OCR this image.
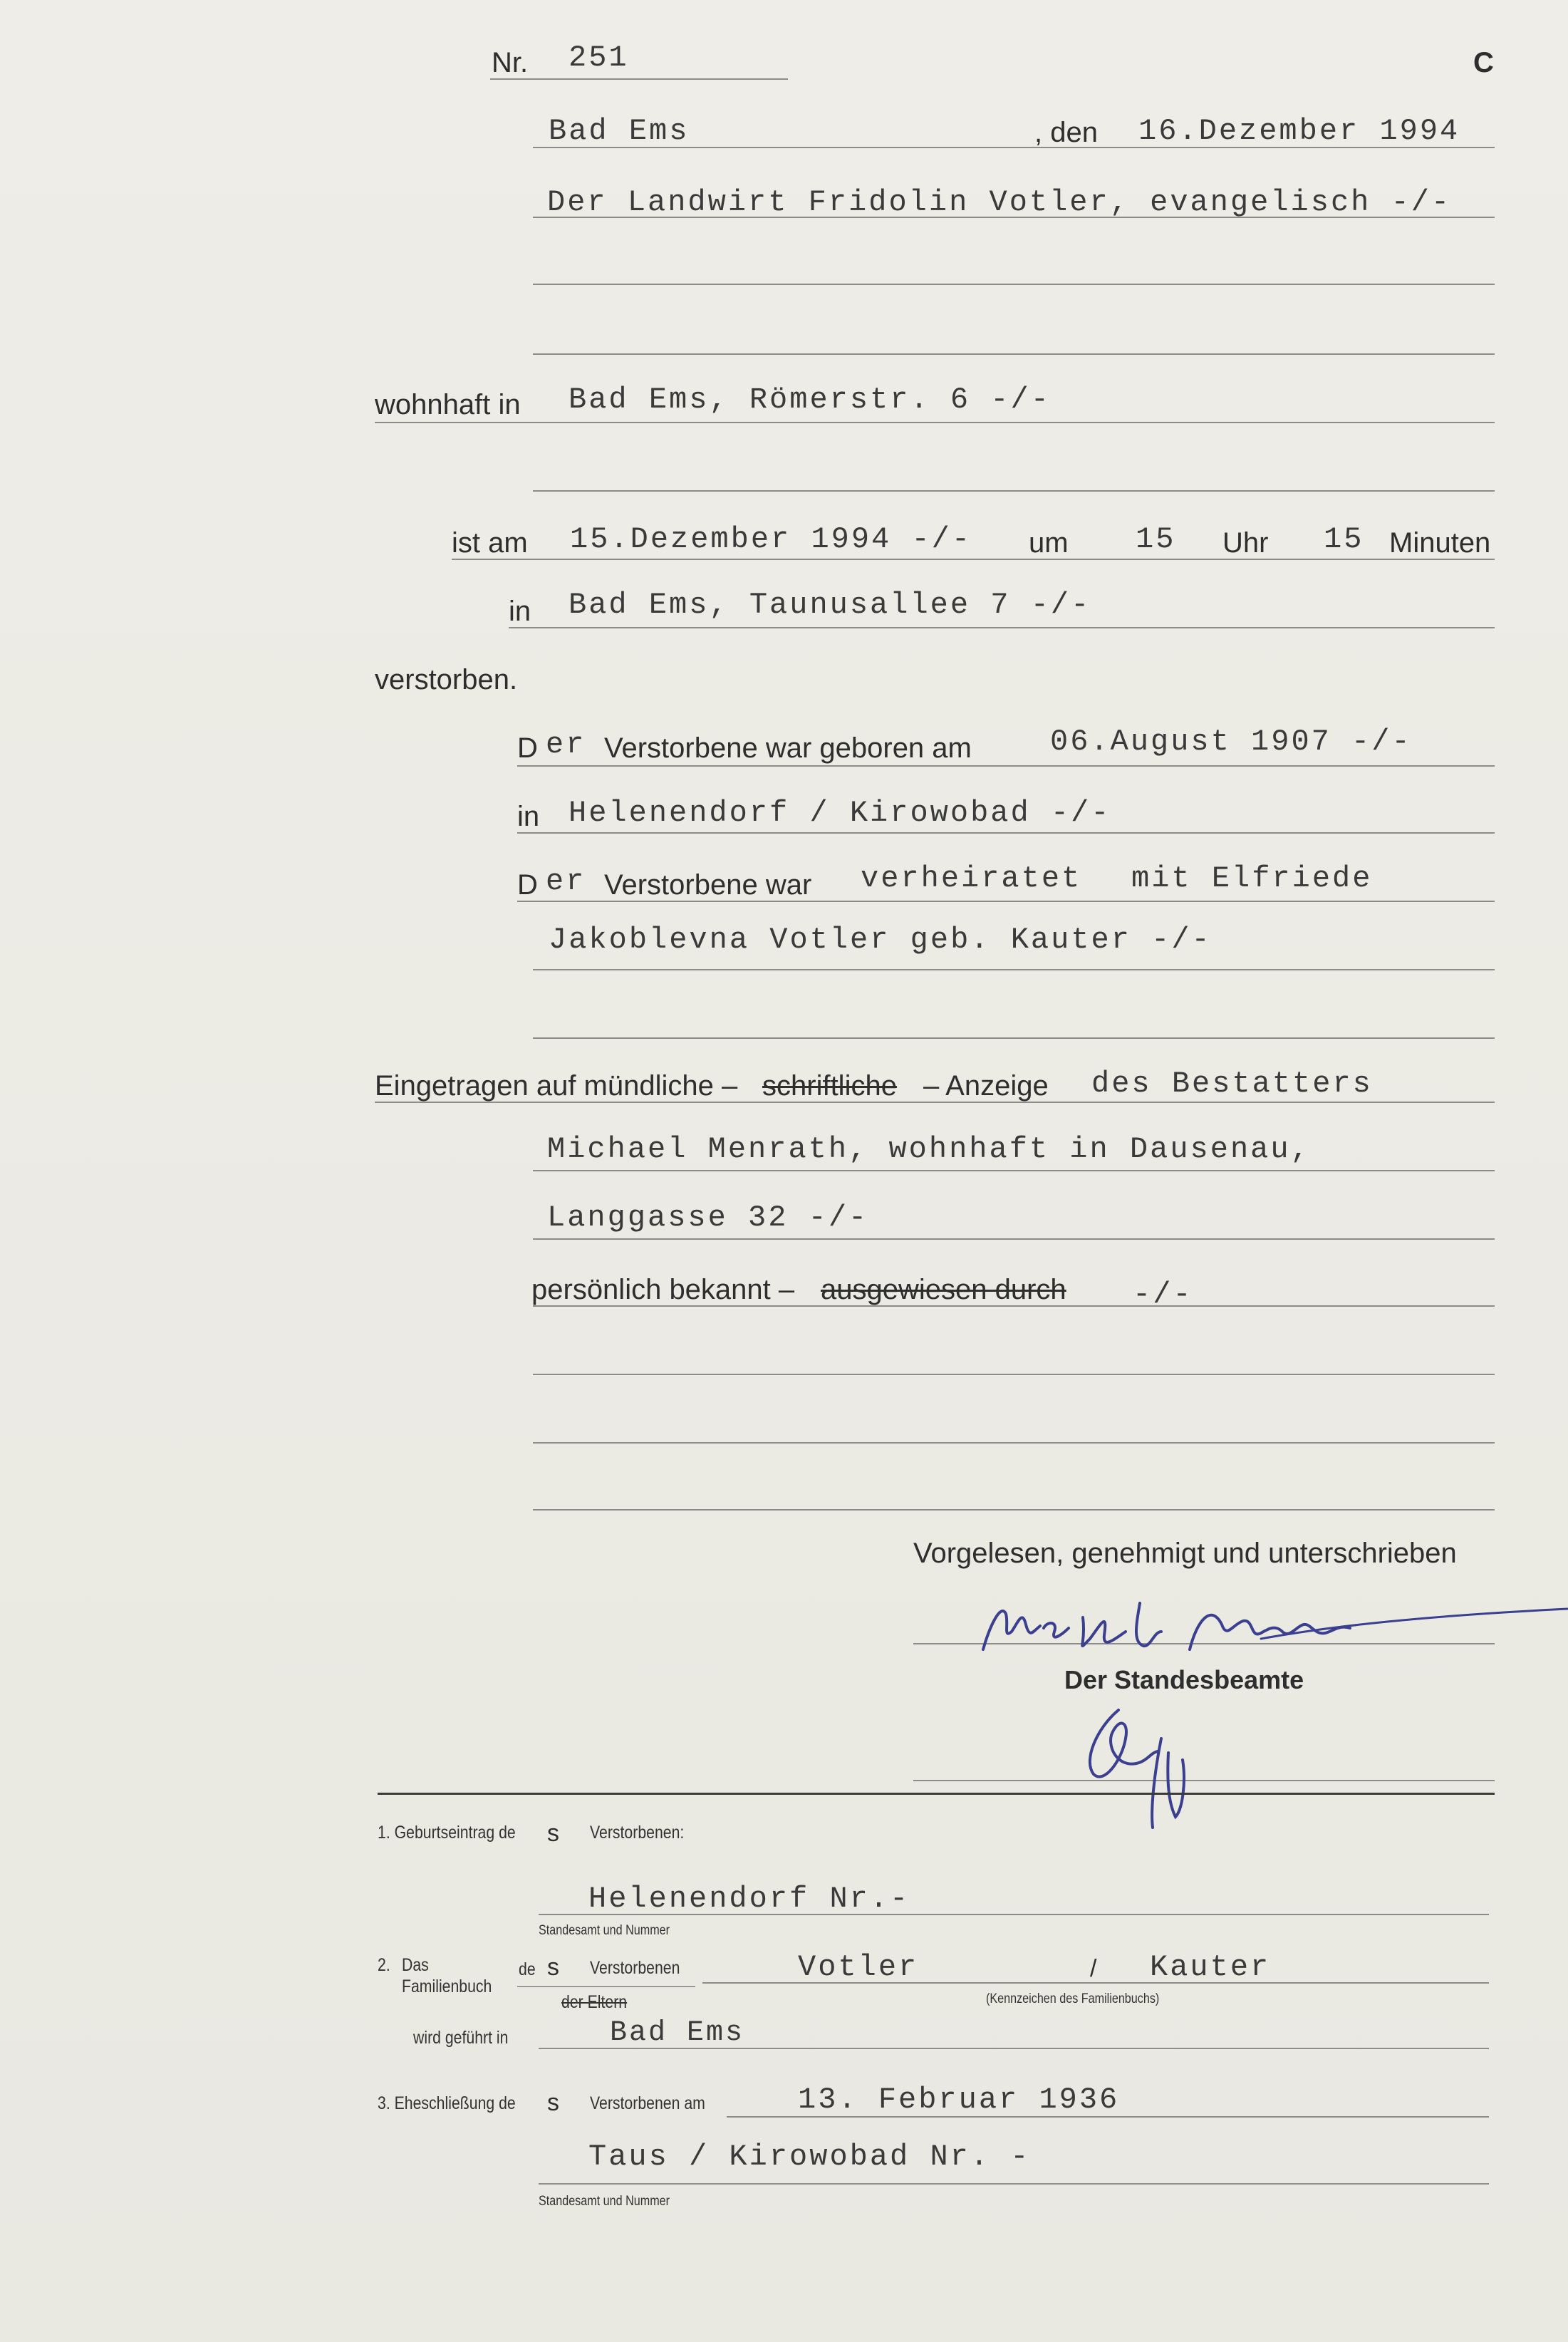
Nr. 251	C
Bad Ems	, den 16.Dezember 1994
Der Landwirt Fridolin Votler, evangelisch -/-
wohnhaft in Bad Ems, Römerstr. 6 -/-
ist am 15.Dezember 1994 -/- um 15 Uhr 15 Minuten
in Bad Ems, Taunusallee 7 -/-
verstorben.
D er Verstorbene war geboren am	06.August 1907 -/-
in Helenendorf / Kirowobad -/-
D er Verstorbene war verheiratet mit Elfriede
Jakoblevna Votler geb. Kauter -/-
Eingetragen auf mündliche – schriftliche – Anzeige des Bestatters
Michael Menrath, wohnhaft in Dausenau,
Langgasse 32 -/-
persönlich bekannt – ausgewiesen durch -/-
Vorgelesen, genehmigt und unterschrieben
Der Standesbeamte
1. Geburtseintrag de s Verstorbenen:
Helenendorf Nr.-
Standesamt und Nummer
2. Das
Familienbuch
de s Verstorbenen
der Eltern
Votler	/ Kauter
(Kennzeichen des Familienbuchs)
wird geführt in	Bad Ems
3. Eheschließung de s Verstorbenen am	13. Februar 1936
Taus / Kirowobad Nr. -
Standesamt und Nummer
